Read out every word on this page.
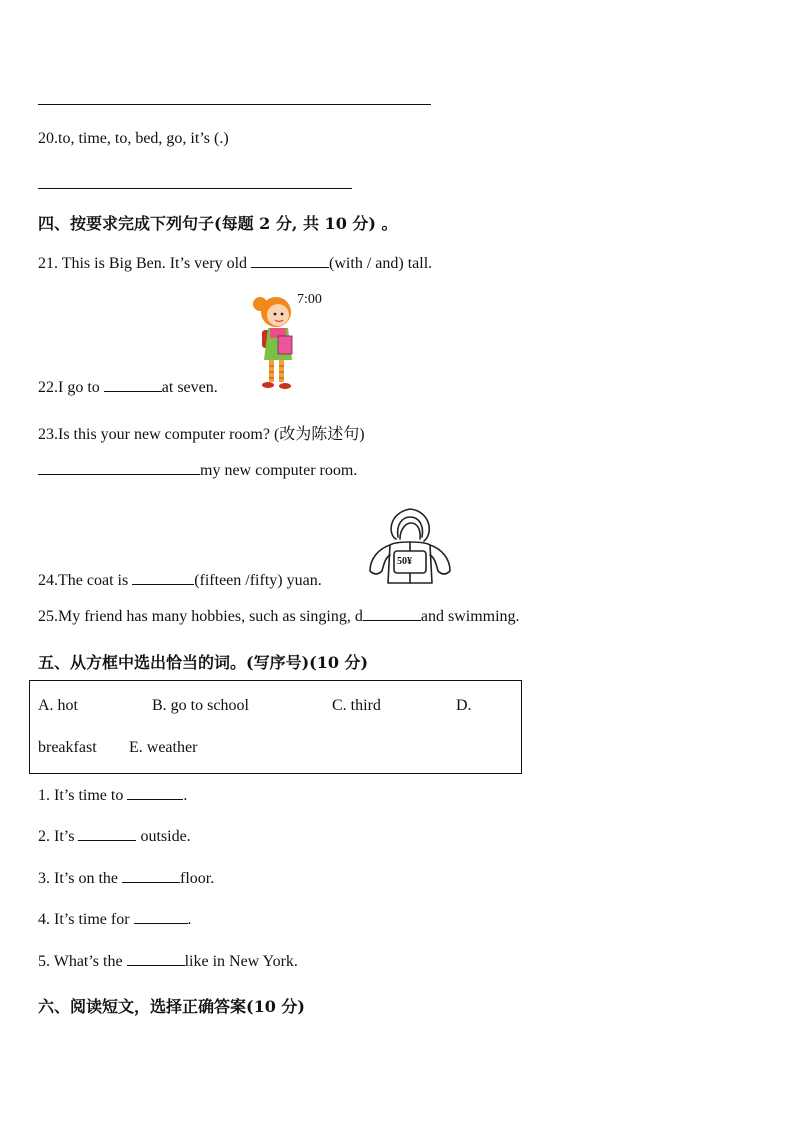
20.to, time, to, bed, go, it’s (.)
四、按要求完成下列句子(每题 2 分, 共 10 分) 。
21. This is Big Ben. It’s very old	(with / and) tall.
7:00
22.I go to	at seven.
23.Is this your new computer room? (改为陈述句)
my new computer room.
50¥
24.The coat is	(fifteen /fifty) yuan.
25.My friend has many hobbies, such as singing, d	and swimming.
五、从方框中选出恰当的词。(写序号)(10 分)
A. hot	B. go to school	C. third	D.
breakfast E. weather
1. It’s time to	.
2. It’s	outside.
3. It’s on the	floor.
4. It’s time for	.
5. What’s the	like in New York.
六、阅读短文，选择正确答案(10 分)
